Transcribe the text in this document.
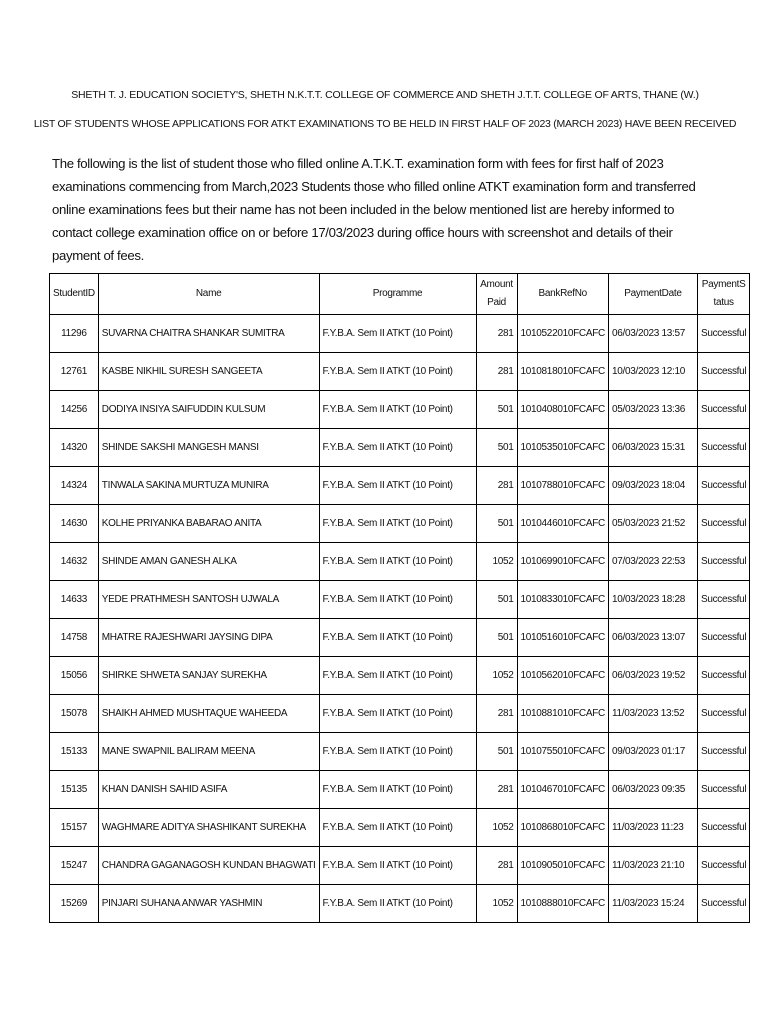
SHETH T. J. EDUCATION SOCIETY'S, SHETH N.K.T.T. COLLEGE OF COMMERCE AND SHETH J.T.T. COLLEGE OF ARTS, THANE (W.)
LIST OF STUDENTS WHOSE APPLICATIONS FOR ATKT EXAMINATIONS TO BE HELD IN FIRST HALF OF 2023 (MARCH 2023) HAVE BEEN RECEIVED
The following is the list of student those who filled online A.T.K.T. examination form with fees for first half of 2023 examinations commencing from March,2023 Students those who filled online ATKT examination form and transferred online examinations fees but their name has not been included in the below mentioned list are hereby informed to contact college examination office on or before 17/03/2023 during office hours with screenshot and details of their payment of fees.
StudentID	Name	Programme	AmountPaid	BankRefNo	PaymentDate	PaymentStatus
11296	SUVARNA CHAITRA SHANKAR SUMITRA	F.Y.B.A. Sem II ATKT (10 Point)	281	1010522010FCAFC	06/03/2023 13:57	Successful
12761	KASBE NIKHIL SURESH SANGEETA	F.Y.B.A. Sem II ATKT (10 Point)	281	1010818010FCAFC	10/03/2023 12:10	Successful
14256	DODIYA INSIYA SAIFUDDIN KULSUM	F.Y.B.A. Sem II ATKT (10 Point)	501	1010408010FCAFC	05/03/2023 13:36	Successful
14320	SHINDE SAKSHI MANGESH MANSI	F.Y.B.A. Sem II ATKT (10 Point)	501	1010535010FCAFC	06/03/2023 15:31	Successful
14324	TINWALA SAKINA MURTUZA MUNIRA	F.Y.B.A. Sem II ATKT (10 Point)	281	1010788010FCAFC	09/03/2023 18:04	Successful
14630	KOLHE PRIYANKA BABARAO ANITA	F.Y.B.A. Sem II ATKT (10 Point)	501	1010446010FCAFC	05/03/2023 21:52	Successful
14632	SHINDE AMAN GANESH ALKA	F.Y.B.A. Sem II ATKT (10 Point)	1052	1010699010FCAFC	07/03/2023 22:53	Successful
14633	YEDE PRATHMESH SANTOSH UJWALA	F.Y.B.A. Sem II ATKT (10 Point)	501	1010833010FCAFC	10/03/2023 18:28	Successful
14758	MHATRE RAJESHWARI JAYSING DIPA	F.Y.B.A. Sem II ATKT (10 Point)	501	1010516010FCAFC	06/03/2023 13:07	Successful
15056	SHIRKE SHWETA SANJAY SUREKHA	F.Y.B.A. Sem II ATKT (10 Point)	1052	1010562010FCAFC	06/03/2023 19:52	Successful
15078	SHAIKH AHMED MUSHTAQUE WAHEEDA	F.Y.B.A. Sem II ATKT (10 Point)	281	1010881010FCAFC	11/03/2023 13:52	Successful
15133	MANE SWAPNIL BALIRAM MEENA	F.Y.B.A. Sem II ATKT (10 Point)	501	1010755010FCAFC	09/03/2023 01:17	Successful
15135	KHAN DANISH SAHID ASIFA	F.Y.B.A. Sem II ATKT (10 Point)	281	1010467010FCAFC	06/03/2023 09:35	Successful
15157	WAGHMARE ADITYA SHASHIKANT SUREKHA	F.Y.B.A. Sem II ATKT (10 Point)	1052	1010868010FCAFC	11/03/2023 11:23	Successful
15247	CHANDRA GAGANAGOSH KUNDAN BHAGWATI	F.Y.B.A. Sem II ATKT (10 Point)	281	1010905010FCAFC	11/03/2023 21:10	Successful
15269	PINJARI SUHANA ANWAR YASHMIN	F.Y.B.A. Sem II ATKT (10 Point)	1052	1010888010FCAFC	11/03/2023 15:24	Successful
